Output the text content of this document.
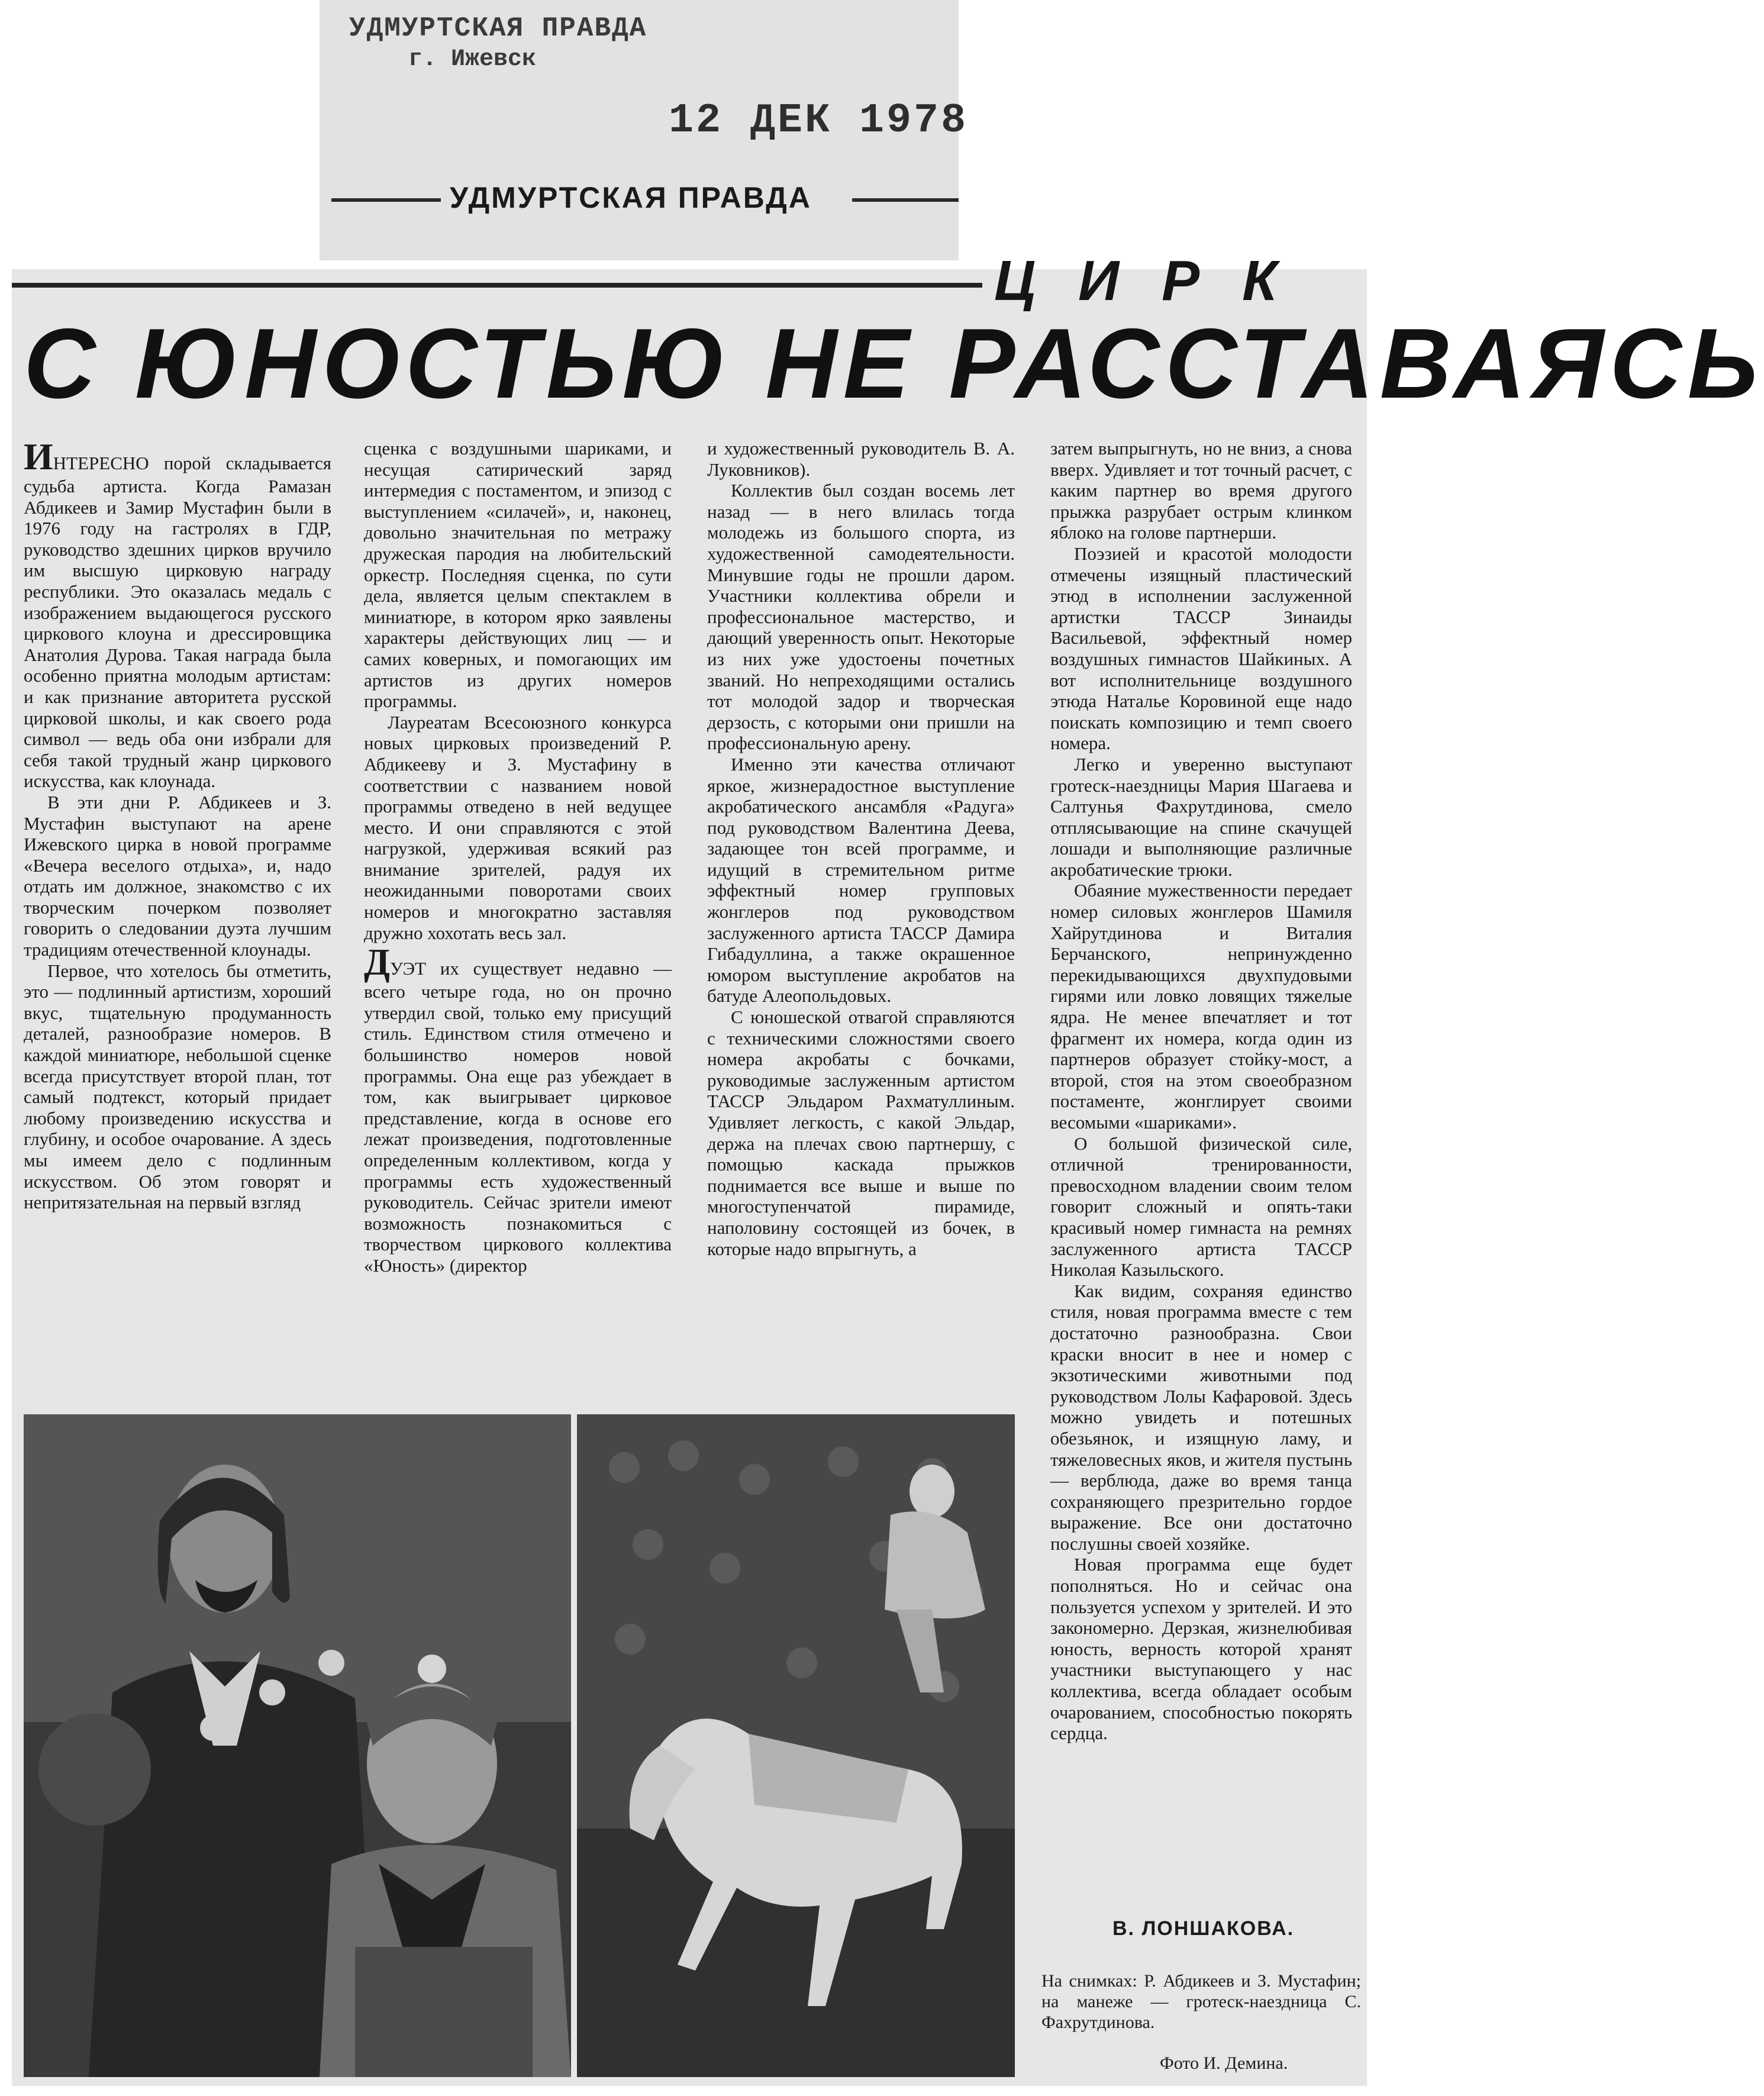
УДМУРТСКАЯ ПРАВДА
г. Ижевск
12 ДЕК 1978
УДМУРТСКАЯ ПРАВДА
ЦИРК
С ЮНОСТЬЮ НЕ РАССТАВАЯСЬ

ИНТЕРЕСНО порой складывается судьба артиста. Когда Рамазан Абдикеев и Замир Мустафин были в 1976 году на гастролях в ГДР, руководство здешних цирков вручило им высшую цирковую награду республики. Это оказалась медаль с изображением выдающегося русского циркового клоуна и дрессировщика Анатолия Дурова. Такая награда была особенно приятна молодым артистам: и как признание авторитета русской цирковой школы, и как своего рода символ — ведь оба они избрали для себя такой трудный жанр циркового искусства, как клоунада.

В эти дни Р. Абдикеев и З. Мустафин выступают на арене Ижевского цирка в новой программе «Вечера веселого отдыха», и, надо отдать им должное, знакомство с их творческим почерком позволяет говорить о следовании дуэта лучшим традициям отечественной клоунады.

Первое, что хотелось бы отметить, это — подлинный артистизм, хороший вкус, тщательную продуманность деталей, разнообразие номеров. В каждой миниатюре, небольшой сценке всегда присутствует второй план, тот самый подтекст, который придает любому произведению искусства и глубину, и особое очарование. А здесь мы имеем дело с подлинным искусством. Об этом говорят и непритязательная на первый взгляд

сценка с воздушными шариками, и несущая сатирический заряд интермедия с постаментом, и эпизод с выступлением «силачей», и, наконец, довольно значительная по метражу дружеская пародия на любительский оркестр. Последняя сценка, по сути дела, является целым спектаклем в миниатюре, в котором ярко заявлены характеры действующих лиц — и самих коверных, и помогающих им артистов из других номеров программы.

Лауреатам Всесоюзного конкурса новых цирковых произведений Р. Абдикееву и З. Мустафину в соответствии с названием новой программы отведено в ней ведущее место. И они справляются с этой нагрузкой, удерживая всякий раз внимание зрителей, радуя их неожиданными поворотами своих номеров и многократно заставляя дружно хохотать весь зал.

ДУЭТ их существует недавно — всего четыре года, но он прочно утвердил свой, только ему присущий стиль. Единством стиля отмечено и большинство номеров новой программы. Она еще раз убеждает в том, как выигрывает цирковое представление, когда в основе его лежат произведения, подготовленные определенным коллективом, когда у программы есть художественный руководитель. Сейчас зрители имеют возможность познакомиться с творчеством циркового коллектива «Юность» (директор

и художественный руководитель В. А. Луковников).

Коллектив был создан восемь лет назад — в него влилась тогда молодежь из большого спорта, из художественной самодеятельности. Минувшие годы не прошли даром. Участники коллектива обрели и профессиональное мастерство, и дающий уверенность опыт. Некоторые из них уже удостоены почетных званий. Но непреходящими остались тот молодой задор и творческая дерзость, с которыми они пришли на профессиональную арену.

Именно эти качества отличают яркое, жизнерадостное выступление акробатического ансамбля «Радуга» под руководством Валентина Деева, задающее тон всей программе, и идущий в стремительном ритме эффектный номер групповых жонглеров под руководством заслуженного артиста ТАССР Дамира Гибадуллина, а также окрашенное юмором выступление акробатов на батуде Алеопольдовых.

С юношеской отвагой справляются с техническими сложностями своего номера акробаты с бочками, руководимые заслуженным артистом ТАССР Эльдаром Рахматуллиным. Удивляет легкость, с какой Эльдар, держа на плечах свою партнершу, с помощью каскада прыжков поднимается все выше и выше по многоступенчатой пирамиде, наполовину состоящей из бочек, в которые надо впрыгнуть, а

затем выпрыгнуть, но не вниз, а снова вверх. Удивляет и тот точный расчет, с каким партнер во время другого прыжка разрубает острым клинком яблоко на голове партнерши.

Поэзией и красотой молодости отмечены изящный пластический этюд в исполнении заслуженной артистки ТАССР Зинаиды Васильевой, эффектный номер воздушных гимнастов Шайкиных. А вот исполнительнице воздушного этюда Наталье Коровиной еще надо поискать композицию и темп своего номера.

Легко и уверенно выступают гротеск-наездницы Мария Шагаева и Салтунья Фахрутдинова, смело отплясывающие на спине скачущей лошади и выполняющие различные акробатические трюки.

Обаяние мужественности передает номер силовых жонглеров Шамиля Хайрутдинова и Виталия Берчанского, непринужденно перекидывающихся двухпудовыми гирями или ловко ловящих тяжелые ядра. Не менее впечатляет и тот фрагмент их номера, когда один из партнеров образует стойку-мост, а второй, стоя на этом своеобразном постаменте, жонглирует своими весомыми «шариками».

О большой физической силе, отличной тренированности, превосходном владении своим телом говорит сложный и опять-таки красивый номер гимнаста на ремнях заслуженного артиста ТАССР Николая Казыльского.

Как видим, сохраняя единство стиля, новая программа вместе с тем достаточно разнообразна. Свои краски вносит в нее и номер с экзотическими животными под руководством Лолы Кафаровой. Здесь можно увидеть и потешных обезьянок, и изящную ламу, и тяжеловесных яков, и жителя пустынь — верблюда, даже во время танца сохраняющего презрительно гордое выражение. Все они достаточно послушны своей хозяйке.

Новая программа еще будет пополняться. Но и сейчас она пользуется успехом у зрителей. И это закономерно. Дерзкая, жизнелюбивая юность, верность которой хранят участники выступающего у нас коллектива, всегда обладает особым очарованием, способностью покорять сердца.

В. ЛОНШАКОВА.
На снимках: Р. Абдикеев и З. Мустафин; на манеже — гротеск-наездница С. Фахрутдинова.
Фото И. Демина.
